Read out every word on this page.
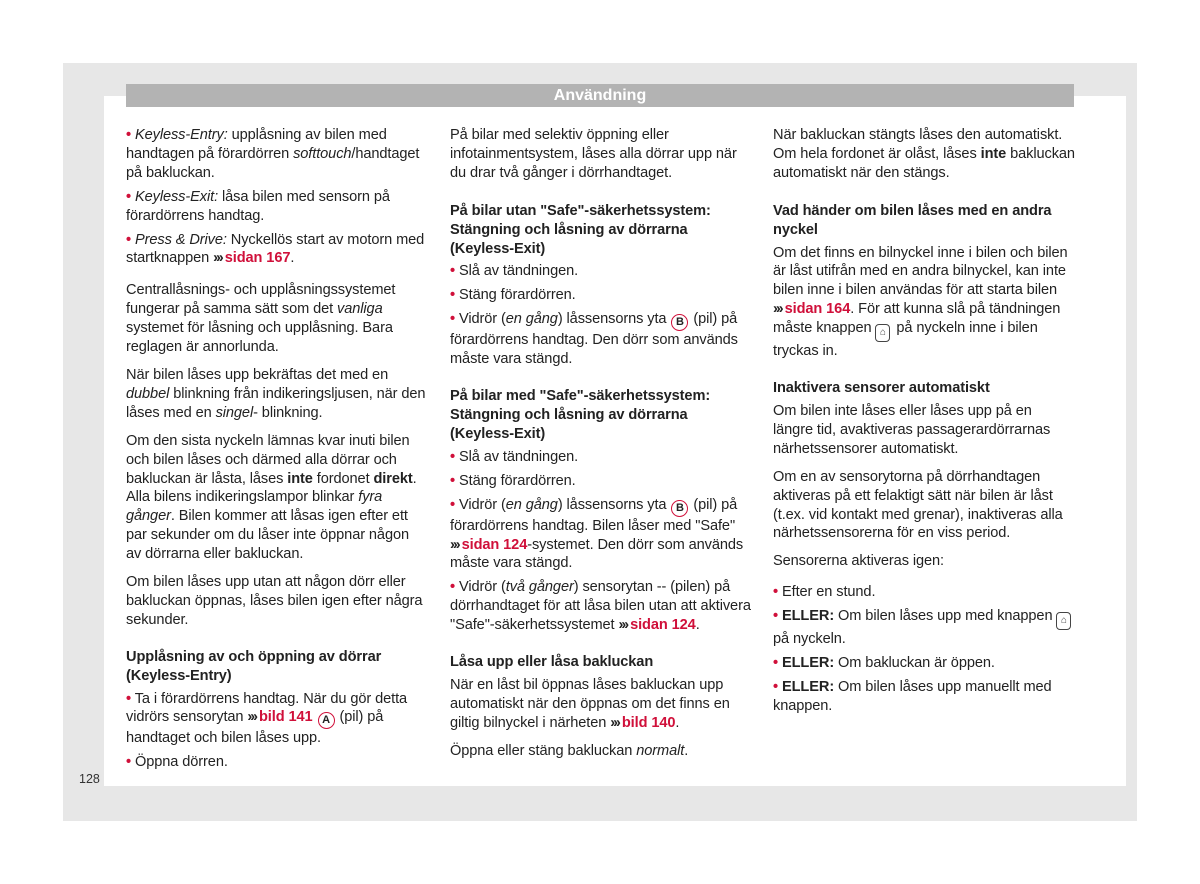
Användning

• Keyless-Entry: upplåsning av bilen med handtagen på förardörren softtouch/handtaget på bakluckan.

• Keyless-Exit: låsa bilen med sensorn på förardörrens handtag.

• Press & Drive: Nyckellös start av motorn med startknappen ››› sidan 167.

Centrallåsnings- och upplåsningssystemet fungerar på samma sätt som det vanliga systemet för låsning och upplåsning. Bara reglagen är annorlunda.

När bilen låses upp bekräftas det med en dubbel blinkning från indikeringsljusen, när den låses med en singel- blinkning.

Om den sista nyckeln lämnas kvar inuti bilen och bilen låses och därmed alla dörrar och bakluckan är låsta, låses inte fordonet direkt. Alla bilens indikeringslampor blinkar fyra gånger. Bilen kommer att låsas igen efter ett par sekunder om du låser inte öppnar någon av dörrarna eller bakluckan.

Om bilen låses upp utan att någon dörr eller bakluckan öppnas, låses bilen igen efter några sekunder.

Upplåsning av och öppning av dörrar (Keyless-Entry)

• Ta i förardörrens handtag. När du gör detta vidrörs sensorytan ››› bild 141 A (pil) på handtaget och bilen låses upp.

• Öppna dörren.

På bilar med selektiv öppning eller infotainmentsystem, låses alla dörrar upp när du drar två gånger i dörrhandtaget.

På bilar utan "Safe"-säkerhetssystem: Stängning och låsning av dörrarna (Keyless-Exit)

• Slå av tändningen.

• Stäng förardörren.

• Vidrör (en gång) låssensorns yta B (pil) på förardörrens handtag. Den dörr som används måste vara stängd.

På bilar med "Safe"-säkerhetssystem: Stängning och låsning av dörrarna (Keyless-Exit)

• Slå av tändningen.

• Stäng förardörren.

• Vidrör (en gång) låssensorns yta B (pil) på förardörrens handtag. Bilen låser med "Safe" ››› sidan 124-systemet. Den dörr som används måste vara stängd.

• Vidrör (två gånger) sensorytan -- (pilen) på dörrhandtaget för att låsa bilen utan att aktivera "Safe"-säkerhetssystemet ››› sidan 124.

Låsa upp eller låsa bakluckan

När en låst bil öppnas låses bakluckan upp automatiskt när den öppnas om det finns en giltig bilnyckel i närheten ››› bild 140.

Öppna eller stäng bakluckan normalt.

När bakluckan stängts låses den automatiskt. Om hela fordonet är olåst, låses inte bakluckan automatiskt när den stängs.

Vad händer om bilen låses med en andra nyckel

Om det finns en bilnyckel inne i bilen och bilen är låst utifrån med en andra bilnyckel, kan inte bilen inne i bilen användas för att starta bilen ››› sidan 164. För att kunna slå på tändningen måste knappen ⌂ på nyckeln inne i bilen tryckas in.

Inaktivera sensorer automatiskt

Om bilen inte låses eller låses upp på en längre tid, avaktiveras passagerardörrarnas närhetssensorer automatiskt.

Om en av sensorytorna på dörrhandtagen aktiveras på ett felaktigt sätt när bilen är låst (t.ex. vid kontakt med grenar), inaktiveras alla närhetssensorerna för en viss period.

Sensorerna aktiveras igen:

• Efter en stund.

• ELLER: Om bilen låses upp med knappen ⌂ på nyckeln.

• ELLER: Om bakluckan är öppen.

• ELLER: Om bilen låses upp manuellt med knappen.

128
